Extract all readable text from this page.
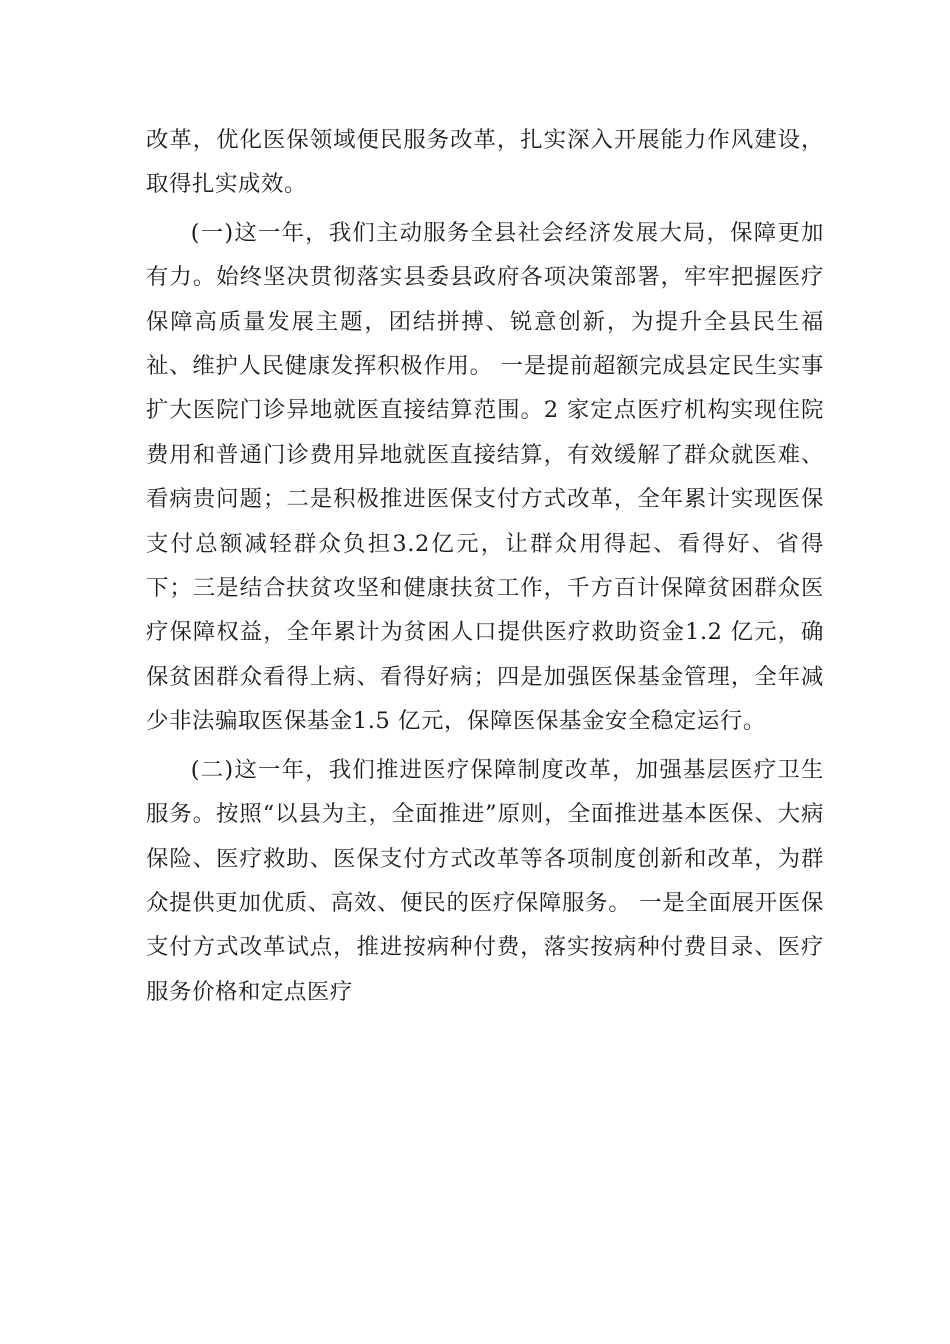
改革，优化医保领域便民服务改革，扎实深入开展能力作风建设，取得扎实成效。

(一)这一年，我们主动服务全县社会经济发展大局，保障更加有力。始终坚决贯彻落实县委县政府各项决策部署，牢牢把握医疗保障高质量发展主题，团结拼搏、锐意创新，为提升全县民生福祉、维护人民健康发挥积极作用。 一是提前超额完成县定民生实事扩大医院门诊异地就医直接结算范围。2 家定点医疗机构实现住院费用和普通门诊费用异地就医直接结算，有效缓解了群众就医难、看病贵问题；二是积极推进医保支付方式改革，全年累计实现医保支付总额减轻群众负担3.2亿元，让群众用得起、看得好、省得下；三是结合扶贫攻坚和健康扶贫工作，千方百计保障贫困群众医疗保障权益，全年累计为贫困人口提供医疗救助资金1.2 亿元，确保贫困群众看得上病、看得好病；四是加强医保基金管理，全年减少非法骗取医保基金1.5 亿元，保障医保基金安全稳定运行。

(二)这一年，我们推进医疗保障制度改革，加强基层医疗卫生服务。按照“以县为主，全面推进”原则，全面推进基本医保、大病保险、医疗救助、医保支付方式改革等各项制度创新和改革，为群众提供更加优质、高效、便民的医疗保障服务。 一是全面展开医保支付方式改革试点，推进按病种付费，落实按病种付费目录、医疗服务价格和定点医疗
